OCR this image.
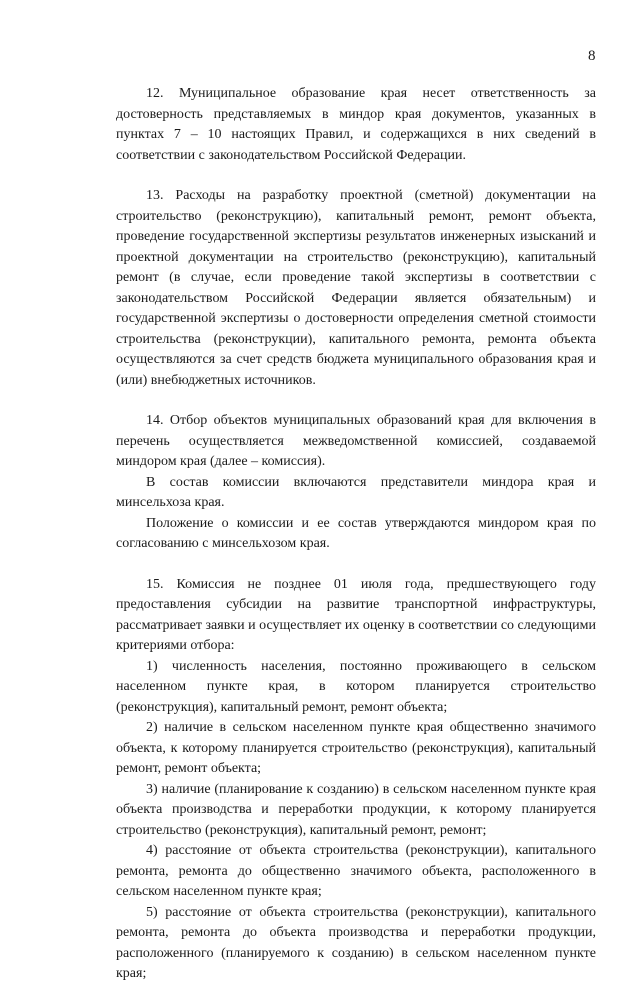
8

12. Муниципальное образование края несет ответственность за достоверность представляемых в миндор края документов, указанных в пунктах 7 – 10 настоящих Правил, и содержащихся в них сведений в соответствии с законодательством Российской Федерации.

13. Расходы на разработку проектной (сметной) документации на строительство (реконструкцию), капитальный ремонт, ремонт объекта, проведение государственной экспертизы результатов инженерных изысканий и проектной документации на строительство (реконструкцию), капитальный ремонт (в случае, если проведение такой экспертизы в соответствии с законодательством Российской Федерации является обязательным) и государственной экспертизы о достоверности определения сметной стоимости строительства (реконструкции), капитального ремонта, ремонта объекта осуществляются за счет средств бюджета муниципального образования края и (или) внебюджетных источников.

14. Отбор объектов муниципальных образований края для включения в перечень осуществляется межведомственной комиссией, создаваемой миндором края (далее – комиссия).

В состав комиссии включаются представители миндора края и минсельхоза края.

Положение о комиссии и ее состав утверждаются миндором края по согласованию с минсельхозом края.

15. Комиссия не позднее 01 июля года, предшествующего году предоставления субсидии на развитие транспортной инфраструктуры, рассматривает заявки и осуществляет их оценку в соответствии со следующими критериями отбора:

1) численность населения, постоянно проживающего в сельском населенном пункте края, в котором планируется строительство (реконструкция), капитальный ремонт, ремонт объекта;

2) наличие в сельском населенном пункте края общественно значимого объекта, к которому планируется строительство (реконструкция), капитальный ремонт, ремонт объекта;

3) наличие (планирование к созданию) в сельском населенном пункте края объекта производства и переработки продукции, к которому планируется строительство (реконструкция), капитальный ремонт, ремонт;

4) расстояние от объекта строительства (реконструкции), капитального ремонта, ремонта до общественно значимого объекта, расположенного в сельском населенном пункте края;

5) расстояние от объекта строительства (реконструкции), капитального ремонта, ремонта до объекта производства и переработки продукции, расположенного (планируемого к созданию) в сельском населенном пункте края;
